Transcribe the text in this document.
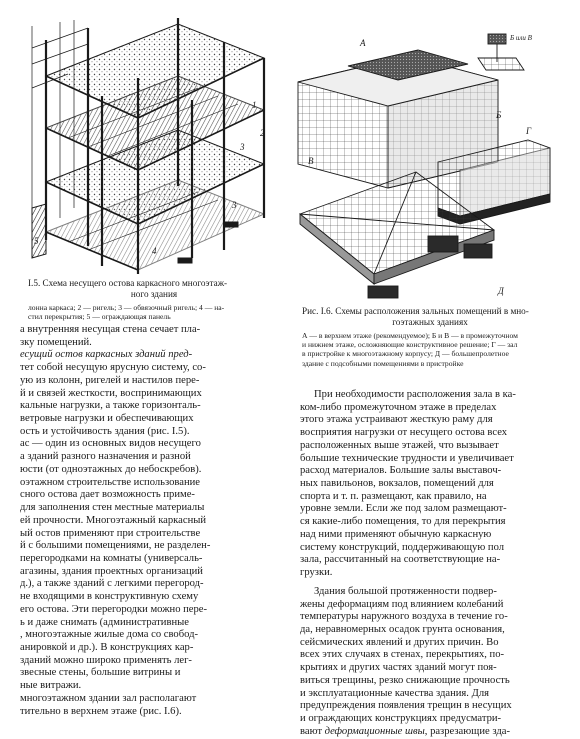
1
2
3
3
4
5
I.5. Схема несущего остова каркасного многоэтаж-
ного здания
лонна каркаса; 2 — ригель; 3 — обвязочный ригель; 4 — на-
стил перекрытия; 5 — ограждающая панель
А
Б
В
Г
Д
Б или В
Рис. I.6. Схемы расположения зальных помещений в мно-
гоэтажных зданиях
А — в верхнем этаже (рекомендуемое); Б и В — в промежуточном
и нижнем этаже, осложняющие конструктивное решение; Г — зал
в пристройке к многоэтажному корпусу; Д — большепролетное
здание с подсобными помещениями в пристройке
а внутренняя несущая стена сечает пла-
зку помещений.
есущий остов каркасных зданий пред-
тет собой несущую ярусную систему, со-
ую из колонн, ригелей и настилов пере-
й и связей жесткости, воспринимающих
кальные нагрузки, а также горизонталь-
ветровые нагрузки и обеспечивающих
ость и устойчивость здания (рис. I.5).
ас — один из основных видов несущего
а зданий разного назначения и разной
юсти (от одноэтажных до небоскребов).
оэтажном строительстве использование
сного остова дает возможность приме-
для заполнения стен местные материалы
ей прочности. Многоэтажный каркасный
ый остов применяют при строительстве
й с большими помещениями, не разделен-
перегородками на комнаты (универсаль-
агазины, здания проектных организаций
д.), а также зданий с легкими перегород-
не входящими в конструктивную схему
его остова. Эти перегородки можно пере-
ь и даже снимать (административные
, многоэтажные жилые дома со свобод-
анировкой и др.). В конструкциях кар-
зданий можно широко применять лег-
звесные стены, большие витрины и
ные витражи.
многоэтажном здании зал располагают
тительно в верхнем этаже (рис. I.6).
При необходимости расположения зала в ка-
ком-либо промежуточном этаже в пределах
этого этажа устраивают жесткую раму для
восприятия нагрузки от несущего остова всех
расположенных выше этажей, что вызывает
большие технические трудности и увеличивает
расход материалов. Большие залы выставоч-
ных павильонов, вокзалов, помещений для
спорта и т. п. размещают, как правило, на
уровне земли. Если же под залом размещают-
ся какие-либо помещения, то для перекрытия
над ними применяют обычную каркасную
систему конструкций, поддерживающую пол
зала, рассчитанный на соответствующие на-
грузки.
Здания большой протяженности подвер-
жены деформациям под влиянием колебаний
температуры наружного воздуха в течение го-
да, неравномерных осадок грунта основания,
сейсмических явлений и других причин. Во
всех этих случаях в стенах, перекрытиях, по-
крытиях и других частях зданий могут поя-
виться трещины, резко снижающие прочность
и эксплуатационные качества здания. Для
предупреждения появления трещин в несущих
и ограждающих конструкциях предусматри-
вают деформационные швы, разрезающие зда-
